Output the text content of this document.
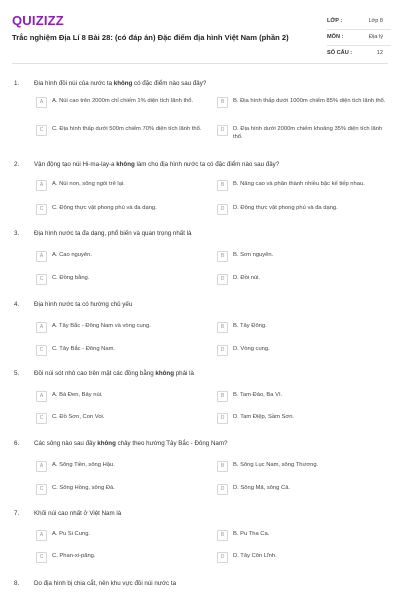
QUIZIZZ
Trắc nghiệm Địa Lí 8 Bài 28: (có đáp án) Đặc điểm địa hình Việt Nam (phần 2)
LỚP :	Lớp 8
MÔN :	Địa lý
SỐ CÂU :	12
1. Đia hình đồi núi của nước ta không có đặc điểm nào sau đây?
A	A. Núi cao trên 2000m chỉ chiếm 1% diện tích lãnh thổ.	B	B. Địa hình thấp dưới 1000m chiếm 85% diện tích lãnh thổ.
C	C. Địa hình thấp dưới 500m chiếm 70% diện tích lãnh thổ.	D	D. Địa hình dưới 2000m chiếm khoảng 35% diện tích lãnh thổ.
2. Vận động tạo núi Hi-ma-lay-a không làm cho địa hình nước ta có đặc điểm nào sau đây?
A	A. Núi non, sông ngòi trẻ lại.	B	B. Nâng cao và phân thành nhiều bậc kế tiếp nhau.
C	C. Động thực vật phong phú và đa dạng.	D	D. Động thực vật phong phú và đa dạng.
3. Địa hình nước ta đa dạng, phổ biến và quan trọng nhất là
A	A. Cao nguyên.	B	B. Sơn nguyên.
C	C. Đồng bằng.	D	D. Đồi núi.
4. Địa hình nước ta có hướng chủ yếu
A	A. Tây Bắc - Đông Nam và vòng cung.	B	B. Tây Đông.
C	C. Tây Bắc - Đông Nam.	D	D. Vòng cung.
5. Đồi núi sót nhô cao trên mặt các đồng bằng không phải là
A	A. Bà Đen, Bảy núi.	B	B. Tam Đảo, Ba Vì.
C	C. Đồ Sơn, Con Voi.	D	D. Tam Điệp, Sầm Sơn.
6. Các sông nào sau đây không chảy theo hướng Tây Bắc - Đông Nam?
A	A. Sông Tiền, sông Hậu.	B	B. Sông Lục Nam, sông Thương.
C	C. Sông Hồng, sông Đà.	D	D. Sông Mã, sông Cả.
7. Khối núi cao nhất ở Việt Nam là
A	A. Pu Si Cung.	B	B. Pu Tha Ca.
C	C. Phan-xi-păng.	D	D. Tây Côn Lĩnh.
8. Do địa hình bị chia cắt, nên khu vực đồi núi nước ta
